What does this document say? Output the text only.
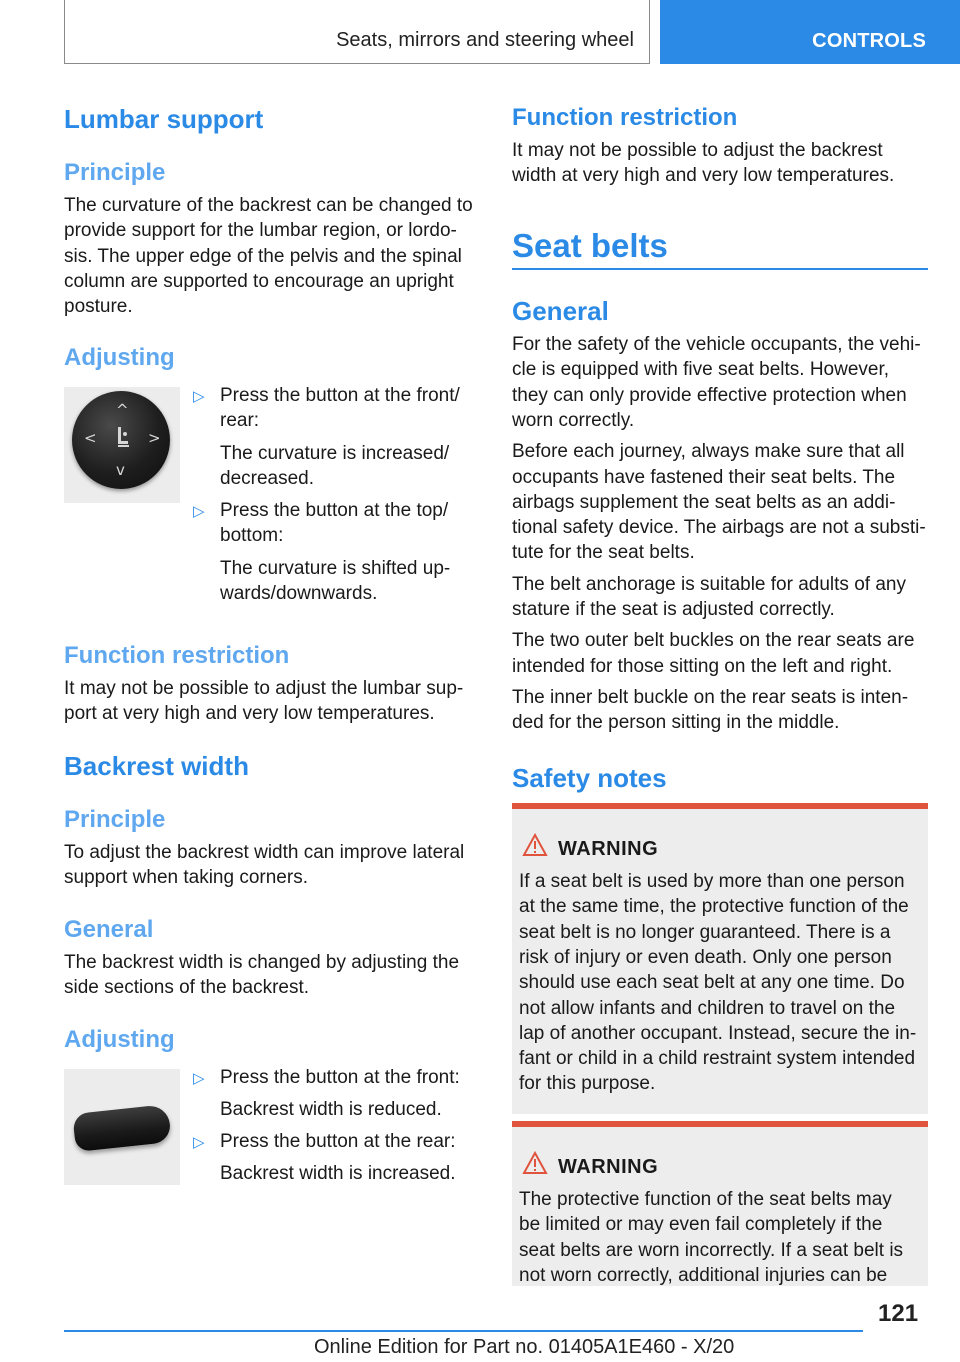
Seats, mirrors and steering wheel	CONTROLS
Lumbar support
Principle
The curvature of the backrest can be changed to
provide support for the lumbar region, or lordo‐
sis. The upper edge of the pelvis and the spinal
column are supported to encourage an upright
posture.
Adjusting
^
<	>
v
▷ Press the button at the front/
rear:
The curvature is increased/
decreased.
▷ Press the button at the top/
bottom:
The curvature is shifted up‐
wards/downwards.
Function restriction
It may not be possible to adjust the lumbar sup‐
port at very high and very low temperatures.
Backrest width
Principle
To adjust the backrest width can improve lateral
support when taking corners.
General
The backrest width is changed by adjusting the
side sections of the backrest.
Adjusting
▷ Press the button at the front:
Backrest width is reduced.
▷ Press the button at the rear:
Backrest width is increased.
Function restriction
It may not be possible to adjust the backrest
width at very high and very low temperatures.
Seat belts
General
For the safety of the vehicle occupants, the vehi‐
cle is equipped with five seat belts. However,
they can only provide effective protection when
worn correctly.
Before each journey, always make sure that all
occupants have fastened their seat belts. The
airbags supplement the seat belts as an addi‐
tional safety device. The airbags are not a substi‐
tute for the seat belts.
The belt anchorage is suitable for adults of any
stature if the seat is adjusted correctly.
The two outer belt buckles on the rear seats are
intended for those sitting on the left and right.
The inner belt buckle on the rear seats is inten‐
ded for the person sitting in the middle.
Safety notes
WARNING
If a seat belt is used by more than one person
at the same time, the protective function of the
seat belt is no longer guaranteed. There is a
risk of injury or even death. Only one person
should use each seat belt at any one time. Do
not allow infants and children to travel on the
lap of another occupant. Instead, secure the in‐
fant or child in a child restraint system intended
for this purpose.
WARNING
The protective function of the seat belts may
be limited or may even fail completely if the
seat belts are worn incorrectly. If a seat belt is
not worn correctly, additional injuries can be
121
Online Edition for Part no. 01405A1E460 - X/20
